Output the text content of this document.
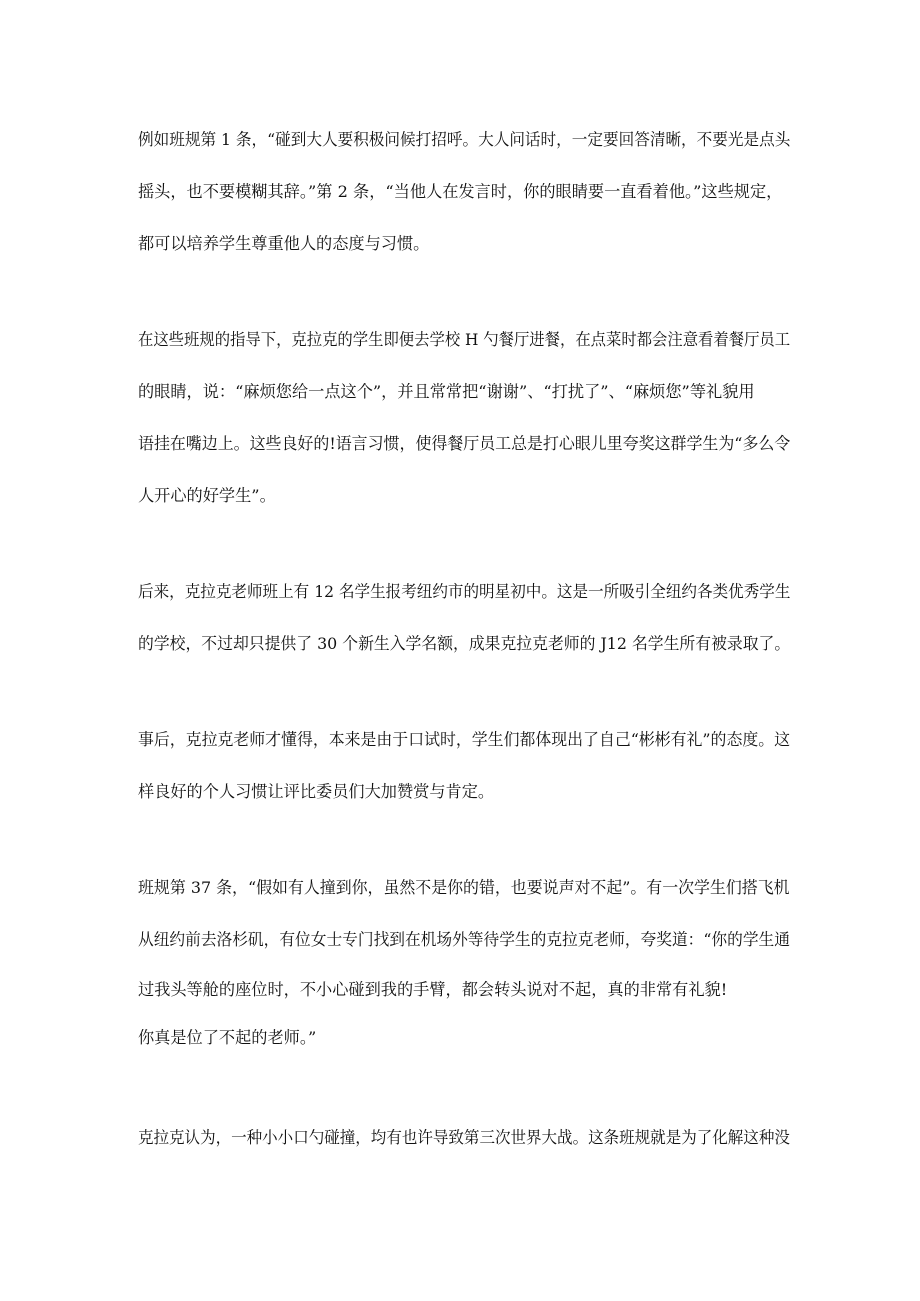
例如班规第 1 条，“碰到大人要积极问候打招呼。大人问话时，一定要回答清晰，不要光是点头

摇头，也不要模糊其辞。”第 2 条，“当他人在发言时，你的眼睛要一直看着他。”这些规定，

都可以培养学生尊重他人的态度与习惯。

在这些班规的指导下，克拉克的学生即便去学校 H 勺餐厅进餐，在点菜时都会注意看着餐厅员工

的眼睛，说：“麻烦您给一点这个”，并且常常把“谢谢”、“打扰了”、“麻烦您”等礼貌用

语挂在嘴边上。这些良好的!语言习惯，使得餐厅员工总是打心眼儿里夸奖这群学生为“多么令

人开心的好学生”。

后来，克拉克老师班上有 12 名学生报考纽约市的明星初中。这是一所吸引全纽约各类优秀学生

的学校，不过却只提供了 30 个新生入学名额，成果克拉克老师的 J12 名学生所有被录取了。

事后，克拉克老师才懂得，本来是由于口试时，学生们都体现出了自己“彬彬有礼”的态度。这

样良好的个人习惯让评比委员们大加赞赏与肯定。

班规第 37 条，“假如有人撞到你，虽然不是你的错，也要说声对不起”。有一次学生们搭飞机

从纽约前去洛杉矶，有位女士专门找到在机场外等待学生的克拉克老师，夸奖道：“你的学生通

过我头等舱的座位时，不小心碰到我的手臂，都会转头说对不起，真的非常有礼貌!

你真是位了不起的老师。”

克拉克认为，一种小小口勺碰撞，均有也许导致第三次世界大战。这条班规就是为了化解这种没
